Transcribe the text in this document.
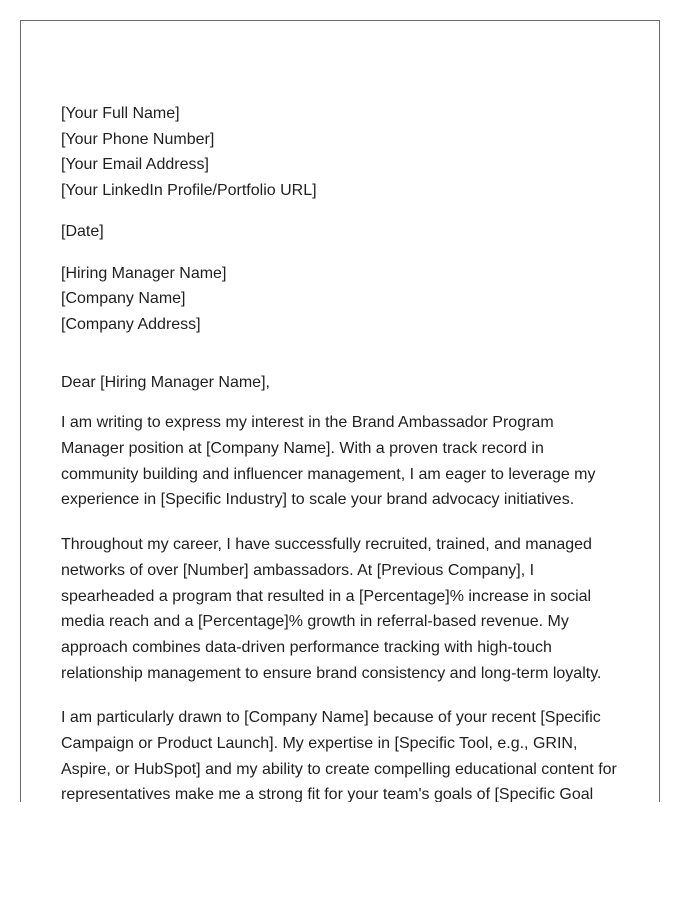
[Your Full Name]
[Your Phone Number]
[Your Email Address]
[Your LinkedIn Profile/Portfolio URL]
[Date]
[Hiring Manager Name]
[Company Name]
[Company Address]
Dear [Hiring Manager Name],
I am writing to express my interest in the Brand Ambassador Program
Manager position at [Company Name]. With a proven track record in
community building and influencer management, I am eager to leverage my
experience in [Specific Industry] to scale your brand advocacy initiatives.
Throughout my career, I have successfully recruited, trained, and managed
networks of over [Number] ambassadors. At [Previous Company], I
spearheaded a program that resulted in a [Percentage]% increase in social
media reach and a [Percentage]% growth in referral-based revenue. My
approach combines data-driven performance tracking with high-touch
relationship management to ensure brand consistency and long-term loyalty.
I am particularly drawn to [Company Name] because of your recent [Specific
Campaign or Product Launch]. My expertise in [Specific Tool, e.g., GRIN,
Aspire, or HubSpot] and my ability to create compelling educational content for
representatives make me a strong fit for your team's goals of [Specific Goal
